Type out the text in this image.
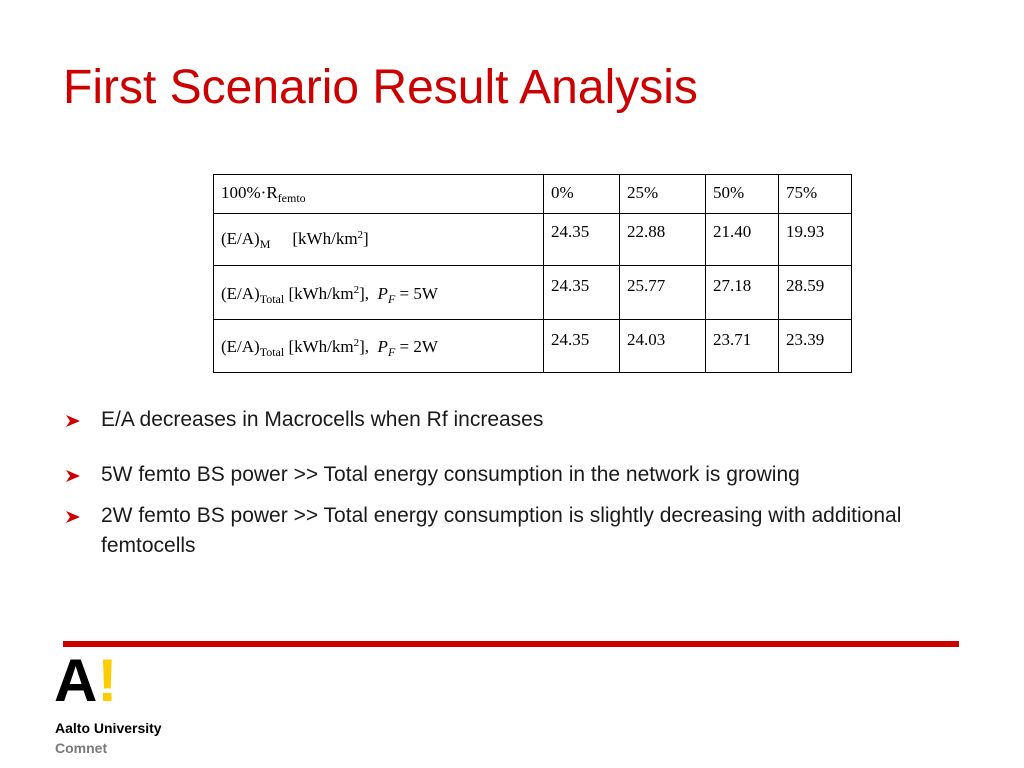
First Scenario Result Analysis
$100\%\cdot R_{femto}$	0%	25%	50%	75%
$(E/A)_M$ $[kWh/km^2]$	24.35	22.88	21.40	19.93
$(E/A)_{Total}$ $[kWh/km^2]$, $P_F = 5W$	24.35	25.77	27.18	28.59
$(E/A)_{Total}$ $[kWh/km^2]$, $P_F = 2W$	24.35	24.03	23.71	23.39
E/A decreases in Macrocells when Rf increases
5W femto BS power >> Total energy consumption in the network is growing
2W femto BS power >> Total energy consumption is slightly decreasing with additional femtocells
A!
Aalto University
Comnet
